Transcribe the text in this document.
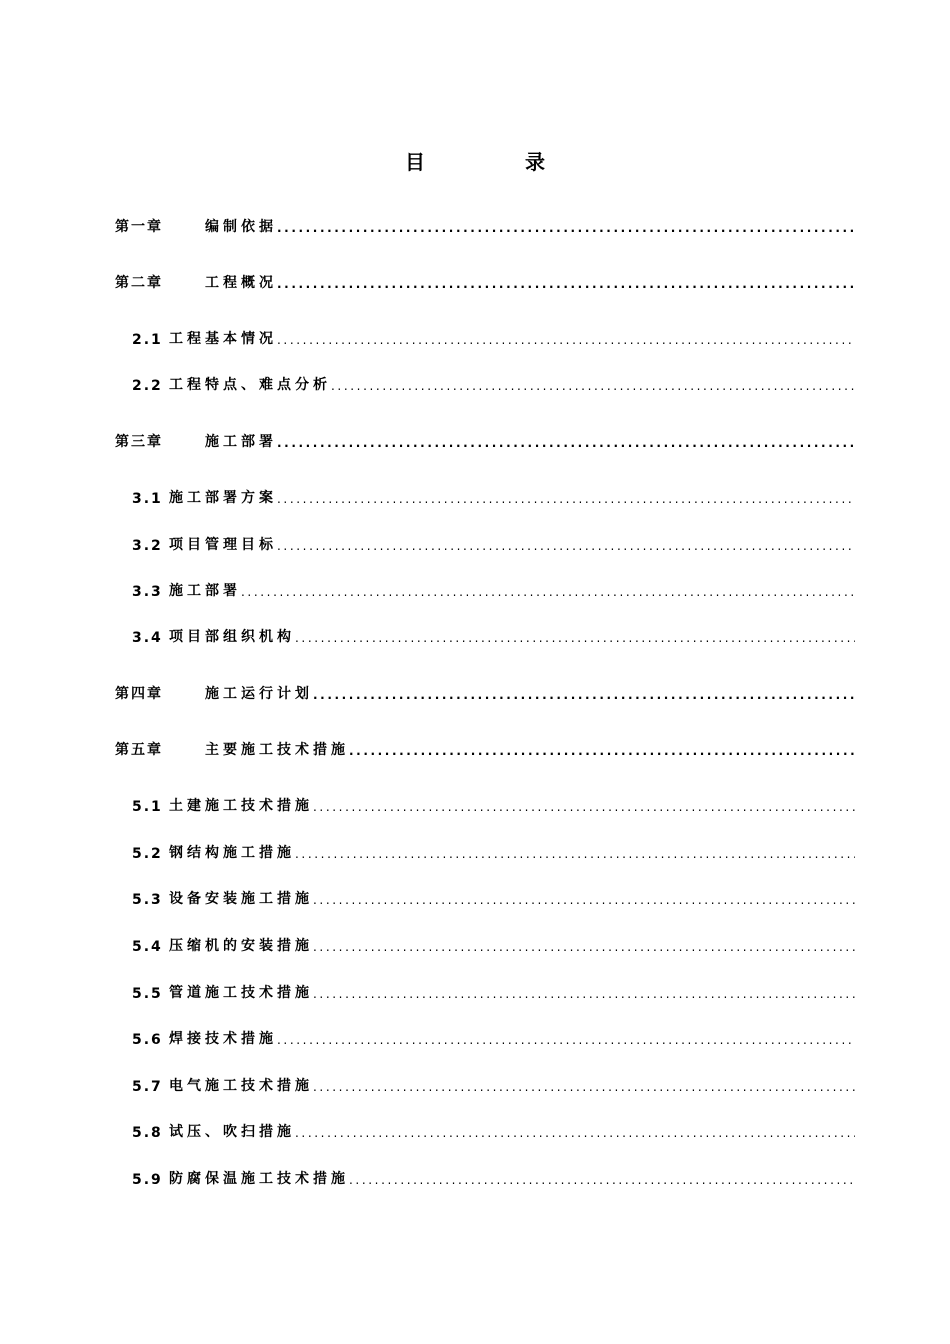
目	录
第一章	编制依据
.....
第二章	工程概况
.....
2.1 工程基本情况
.....
2.2 工程特点、难点分析
.....
第三章	施工部署
.....
3.1 施工部署方案
.....
3.2 项目管理目标
.....
3.3 施工部署
.....
3.4 项目部组织机构
.....
第四章	施工运行计划
.....
第五章	主要施工技术措施
.....
5.1 土建施工技术措施
.....
5.2 钢结构施工措施
.....
5.3 设备安装施工措施
.....
5.4 压缩机的安装措施
.....
5.5 管道施工技术措施
.....
5.6 焊接技术措施
.....
5.7 电气施工技术措施
.....
5.8 试压、吹扫措施
.....
5.9 防腐保温施工技术措施
.....
